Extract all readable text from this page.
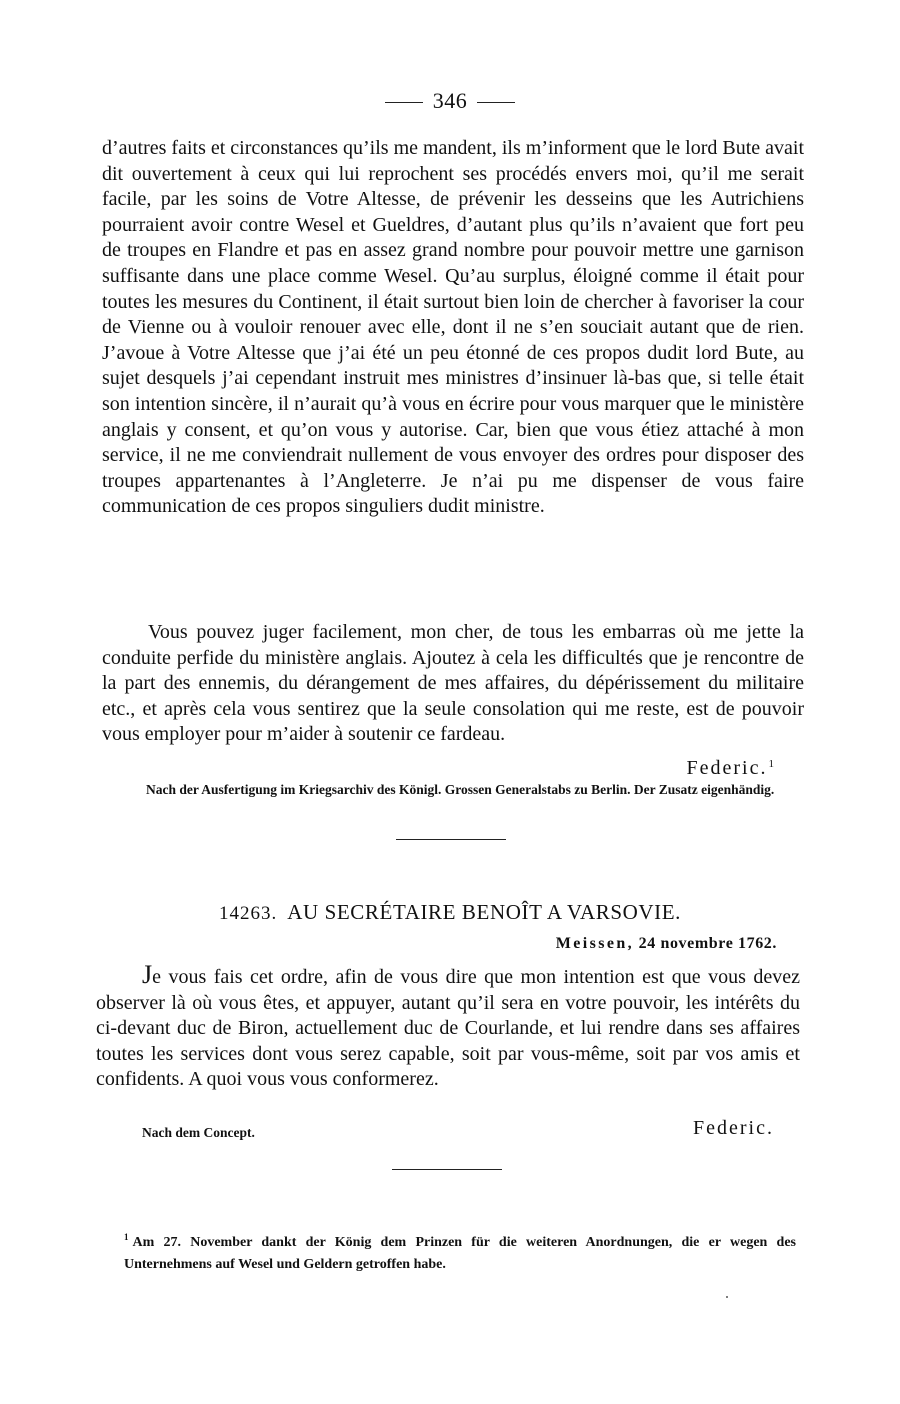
346

d’autres faits et circonstances qu’ils me mandent, ils m’informent que le lord Bute avait dit ouvertement à ceux qui lui reprochent ses procédés envers moi, qu’il me serait facile, par les soins de Votre Altesse, de prévenir les desseins que les Autrichiens pourraient avoir contre Wesel et Gueldres, d’autant plus qu’ils n’avaient que fort peu de troupes en Flandre et pas en assez grand nombre pour pouvoir mettre une garnison suffisante dans une place comme Wesel. Qu’au surplus, éloigné comme il était pour toutes les mesures du Continent, il était surtout bien loin de chercher à favoriser la cour de Vienne ou à vouloir renouer avec elle, dont il ne s’en souciait autant que de rien. J’avoue à Votre Altesse que j’ai été un peu étonné de ces propos dudit lord Bute, au sujet desquels j’ai cependant instruit mes ministres d’insinuer là-bas que, si telle était son intention sincère, il n’aurait qu’à vous en écrire pour vous marquer que le ministère anglais y consent, et qu’on vous y autorise. Car, bien que vous étiez attaché à mon service, il ne me conviendrait nullement de vous envoyer des ordres pour disposer des troupes appartenantes à l’Angleterre. Je n’ai pu me dispenser de vous faire communication de ces propos singuliers dudit ministre.

Vous pouvez juger facilement, mon cher, de tous les embarras où me jette la conduite perfide du ministère anglais. Ajoutez à cela les difficultés que je rencontre de la part des ennemis, du dérangement de mes affaires, du dépérissement du militaire etc., et après cela vous sentirez que la seule consolation qui me reste, est de pouvoir vous employer pour m’aider à soutenir ce fardeau.

Federic.$^1$

Nach der Ausfertigung im Kriegsarchiv des Königl. Grossen Generalstabs zu Berlin. Der Zusatz eigenhändig.

14263. AU SECRÉTAIRE BENOÎT A VARSOVIE.
Meissen, 24 novembre 1762.

Je vous fais cet ordre, afin de vous dire que mon intention est que vous devez observer là où vous êtes, et appuyer, autant qu’il sera en votre pouvoir, les intérêts du ci-devant duc de Biron, actuellement duc de Courlande, et lui rendre dans ses affaires toutes les services dont vous serez capable, soit par vous-même, soit par vos amis et confidents. A quoi vous vous conformerez.

Nach dem Concept.	Federic.

$^1$ Am 27. November dankt der König dem Prinzen für die weiteren Anordnungen, die er wegen des Unternehmens auf Wesel und Geldern getroffen habe.
